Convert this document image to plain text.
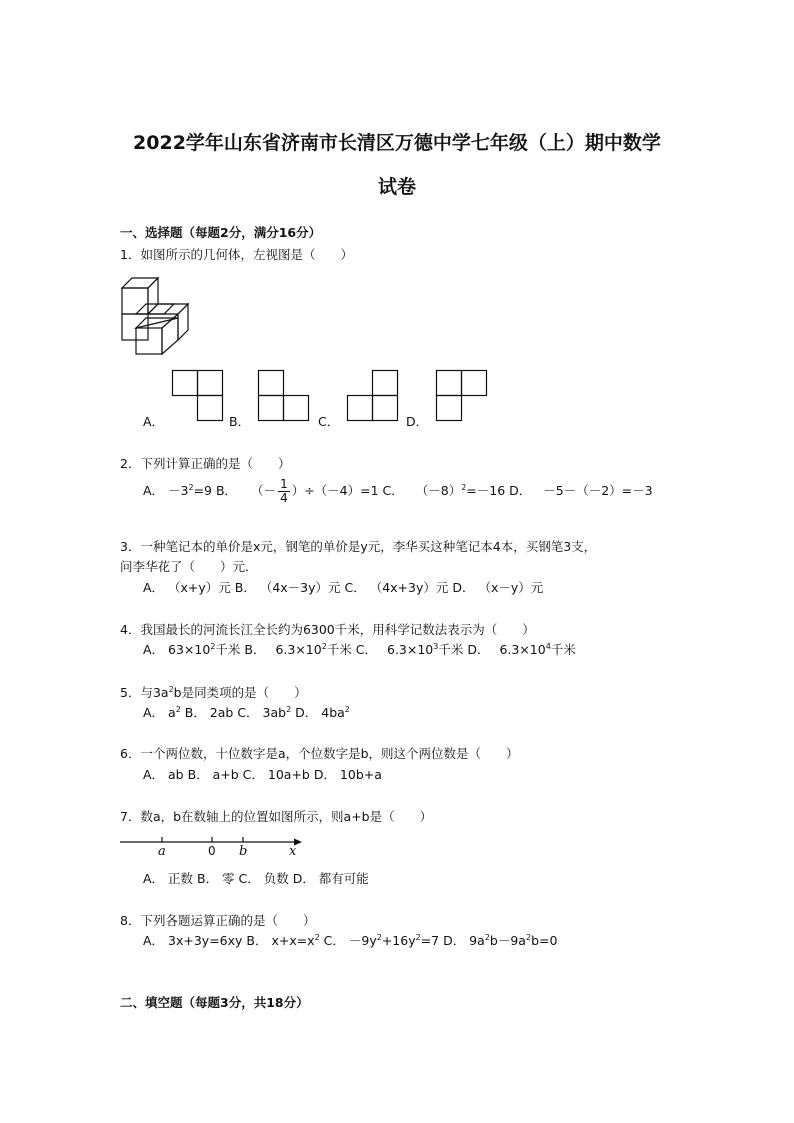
2022学年山东省济南市长清区万德中学七年级（上）期中数学
试卷
一、选择题（每题2分，满分16分）
1．如图所示的几何体，左视图是（　　）
A．	B．	C．	D．
2．下列计算正确的是（　　）
A． $-3^2=9$ B． （－ $\frac{1}{4} )\div(-4)=1$ C． $(-8)^2=-16$ D． －5－（－2）=－3
3．一种笔记本的单价是x元，钢笔的单价是y元，李华买这种笔记本4本，买钢笔3支，
问李华花了（　　）元．
A． （x+y）元 B． （4x－3y）元 C． （4x+3y）元 D． （x－y）元
4．我国最长的河流长江全长约为6300千米，用科学记数法表示为（　　）
A． $63\times 10^2$千米 B． $6.3\times 10^2$千米 C． $6.3\times 10^3$千米 D． $6.3\times 10^4$千米
5．与$3a^2b$是同类项的是（　　）
A． $a^2$ B． 2ab C． $3ab^2$ D． $4ba^2$
6．一个两位数，十位数字是a，个位数字是b，则这个两位数是（　　）
A． ab B． a+b C． 10a+b D． 10b+a
7．数a，b在数轴上的位置如图所示，则a+b是（　　）
a	0 b	x
A． 正数 B． 零 C． 负数 D． 都有可能
8．下列各题运算正确的是（　　）
A． 3x+3y=6xy B． $x+x=x^2$ C． $-9y^2+16y^2=7$ D． $9a^2b-9a^2b=0$
二、填空题（每题3分，共18分）
